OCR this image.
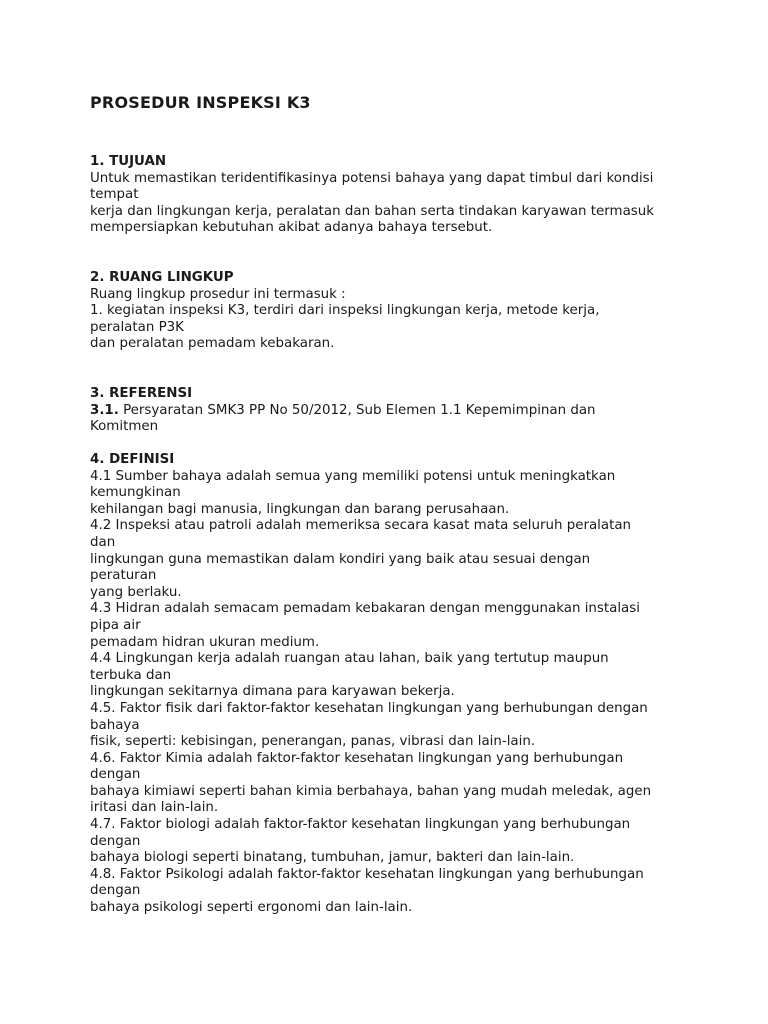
PROSEDUR INSPEKSI K3
1. TUJUAN
Untuk memastikan teridentifikasinya potensi bahaya yang dapat timbul dari kondisi
tempat
kerja dan lingkungan kerja, peralatan dan bahan serta tindakan karyawan termasuk
mempersiapkan kebutuhan akibat adanya bahaya tersebut.
2. RUANG LINGKUP
Ruang lingkup prosedur ini termasuk :
1. kegiatan inspeksi K3, terdiri dari inspeksi lingkungan kerja, metode kerja,
peralatan P3K
dan peralatan pemadam kebakaran.
3. REFERENSI
3.1. Persyaratan SMK3 PP No 50/2012, Sub Elemen 1.1 Kepemimpinan dan
Komitmen
4. DEFINISI
4.1 Sumber bahaya adalah semua yang memiliki potensi untuk meningkatkan
kemungkinan
kehilangan bagi manusia, lingkungan dan barang perusahaan.
4.2 Inspeksi atau patroli adalah memeriksa secara kasat mata seluruh peralatan
dan
lingkungan guna memastikan dalam kondiri yang baik atau sesuai dengan
peraturan
yang berlaku.
4.3 Hidran adalah semacam pemadam kebakaran dengan menggunakan instalasi
pipa air
pemadam hidran ukuran medium.
4.4 Lingkungan kerja adalah ruangan atau lahan, baik yang tertutup maupun
terbuka dan
lingkungan sekitarnya dimana para karyawan bekerja.
4.5. Faktor fisik dari faktor-faktor kesehatan lingkungan yang berhubungan dengan
bahaya
fisik, seperti: kebisingan, penerangan, panas, vibrasi dan lain-lain.
4.6. Faktor Kimia adalah faktor-faktor kesehatan lingkungan yang berhubungan
dengan
bahaya kimiawi seperti bahan kimia berbahaya, bahan yang mudah meledak, agen
iritasi dan lain-lain.
4.7. Faktor biologi adalah faktor-faktor kesehatan lingkungan yang berhubungan
dengan
bahaya biologi seperti binatang, tumbuhan, jamur, bakteri dan lain-lain.
4.8. Faktor Psikologi adalah faktor-faktor kesehatan lingkungan yang berhubungan
dengan
bahaya psikologi seperti ergonomi dan lain-lain.
